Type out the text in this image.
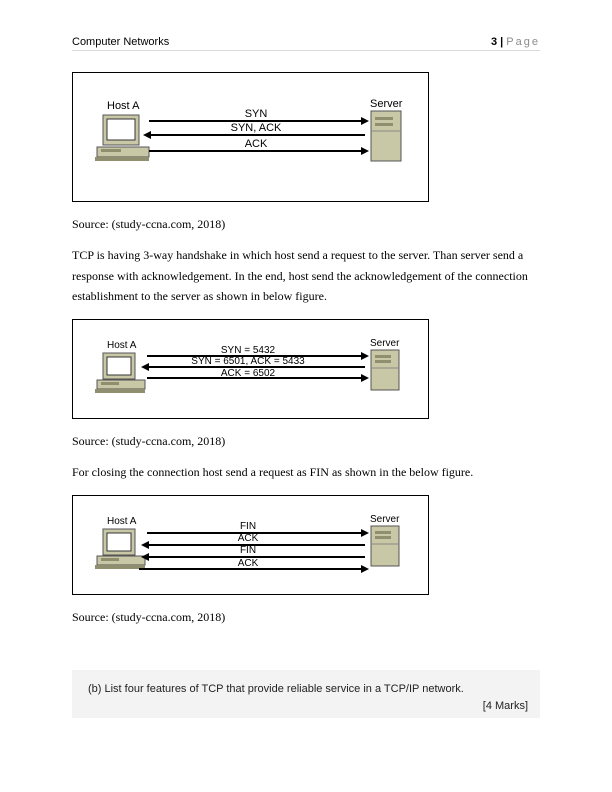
Computer Networks	3 | Page
Host A	Server
SYN
SYN, ACK
ACK
Source: (study-ccna.com, 2018)
TCP is having 3-way handshake in which host send a request to the server. Than server send a response with acknowledgement. In the end, host send the acknowledgement of the connection establishment to the server as shown in below figure.
Host A	Server
SYN = 5432
SYN = 6501, ACK = 5433
ACK = 6502
Source: (study-ccna.com, 2018)
For closing the connection host send a request as FIN as shown in the below figure.
Host A	Server
FIN
ACK
FIN
ACK
Source: (study-ccna.com, 2018)
(b) List four features of TCP that provide reliable service in a TCP/IP network.
[4 Marks]
